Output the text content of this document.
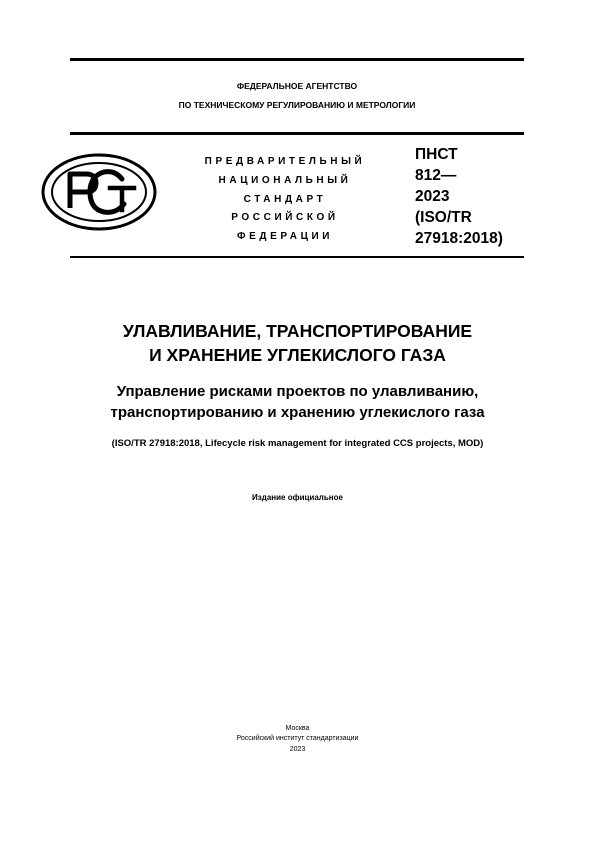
ФЕДЕРАЛЬНОЕ АГЕНТСТВО
ПО ТЕХНИЧЕСКОМУ РЕГУЛИРОВАНИЮ И МЕТРОЛОГИИ
ПРЕДВАРИТЕЛЬНЫЙ
НАЦИОНАЛЬНЫЙ
СТАНДАРТ
РОССИЙСКОЙ
ФЕДЕРАЦИИ
ПНСТ
812—
2023
(ISO/TR
27918:2018)
УЛАВЛИВАНИЕ, ТРАНСПОРТИРОВАНИЕ
И ХРАНЕНИЕ УГЛЕКИСЛОГО ГАЗА
Управление рисками проектов по улавливанию,
транспортированию и хранению углекислого газа
(ISO/TR 27918:2018, Lifecycle risk management for integrated CCS projects, MOD)
Издание официальное
Москва
Российский институт стандартизации
2023
